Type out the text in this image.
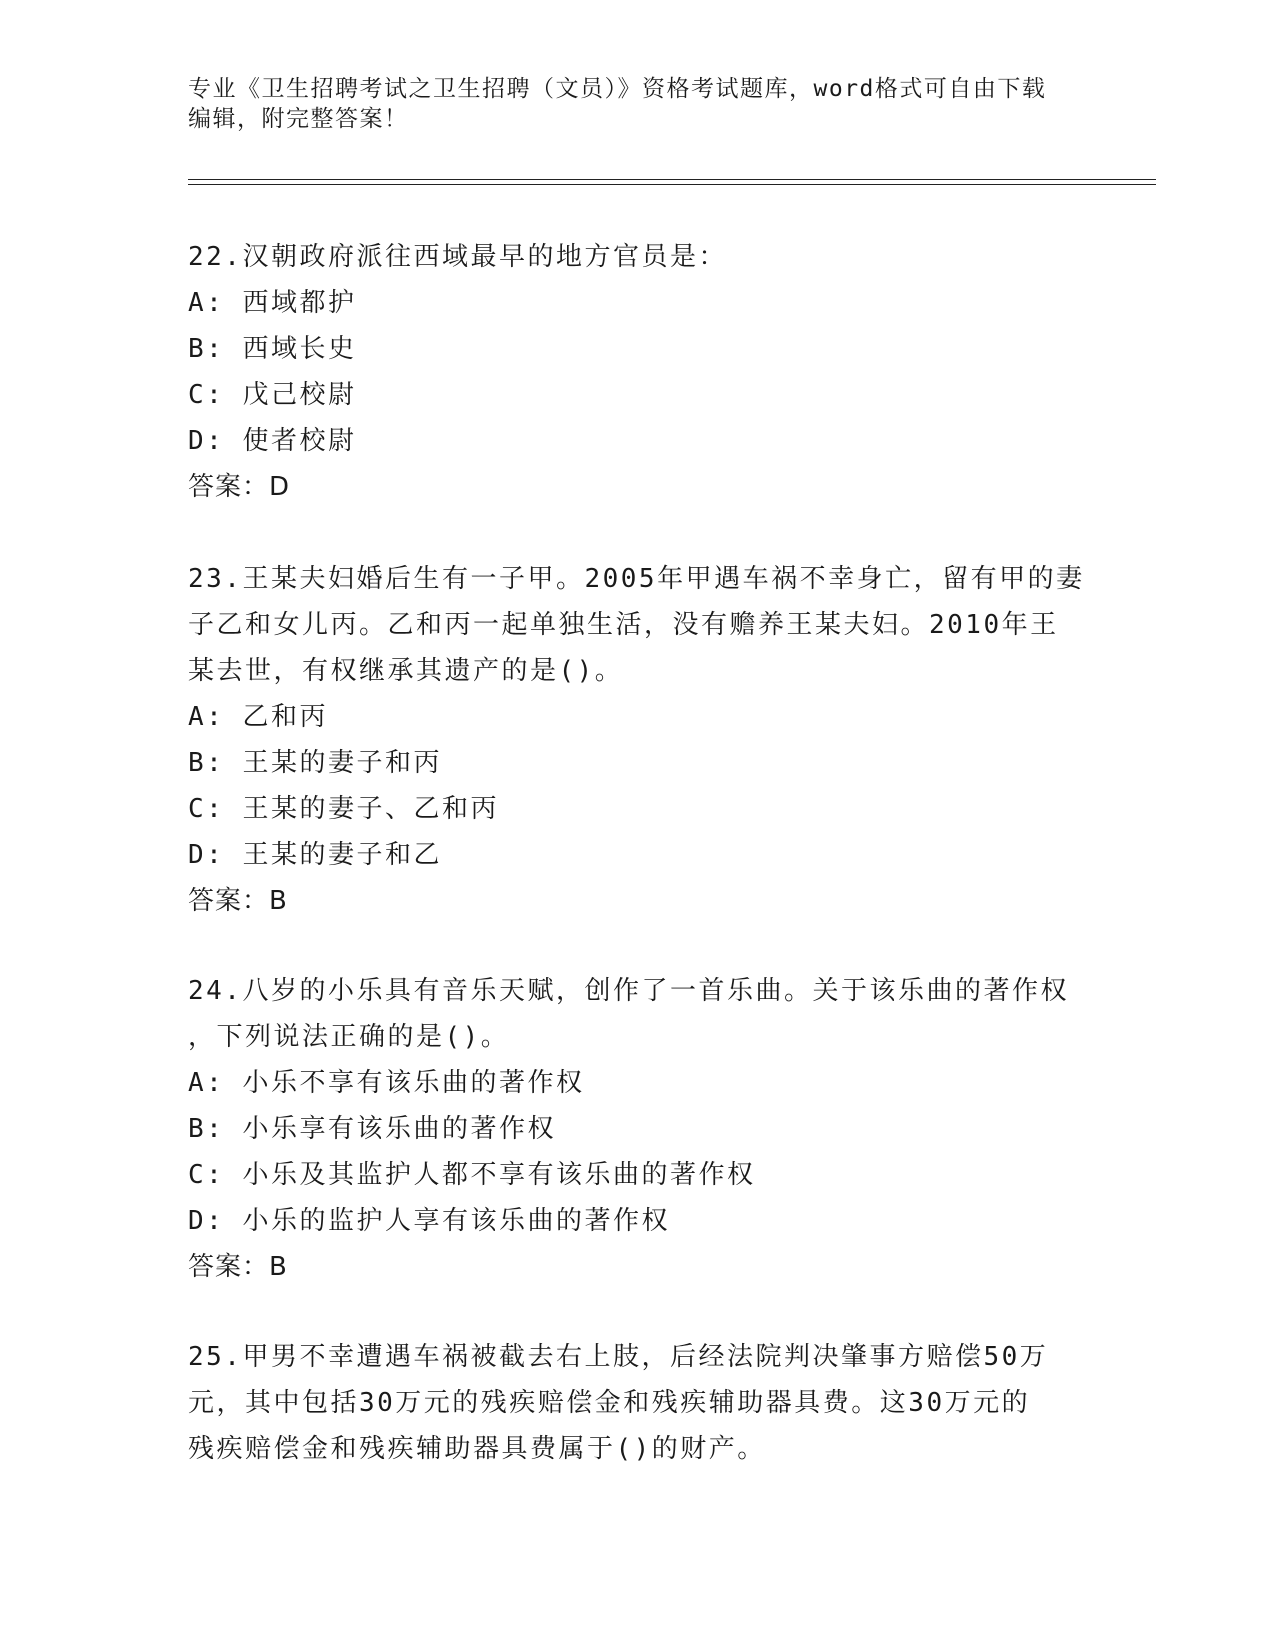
专业《卫生招聘考试之卫生招聘（文员）》资格考试题库，word格式可自由下载
编辑，附完整答案！
22.汉朝政府派往西域最早的地方官员是：
A: 西域都护
B: 西域长史
C: 戊己校尉
D: 使者校尉
答案：D
23.王某夫妇婚后生有一子甲。2005年甲遇车祸不幸身亡，留有甲的妻
子乙和女儿丙。乙和丙一起单独生活，没有赡养王某夫妇。2010年王
某去世，有权继承其遗产的是()。
A: 乙和丙
B: 王某的妻子和丙
C: 王某的妻子、乙和丙
D: 王某的妻子和乙
答案：B
24.八岁的小乐具有音乐天赋，创作了一首乐曲。关于该乐曲的著作权
，下列说法正确的是()。
A: 小乐不享有该乐曲的著作权
B: 小乐享有该乐曲的著作权
C: 小乐及其监护人都不享有该乐曲的著作权
D: 小乐的监护人享有该乐曲的著作权
答案：B
25.甲男不幸遭遇车祸被截去右上肢，后经法院判决肇事方赔偿50万
元，其中包括30万元的残疾赔偿金和残疾辅助器具费。这30万元的
残疾赔偿金和残疾辅助器具费属于()的财产。
